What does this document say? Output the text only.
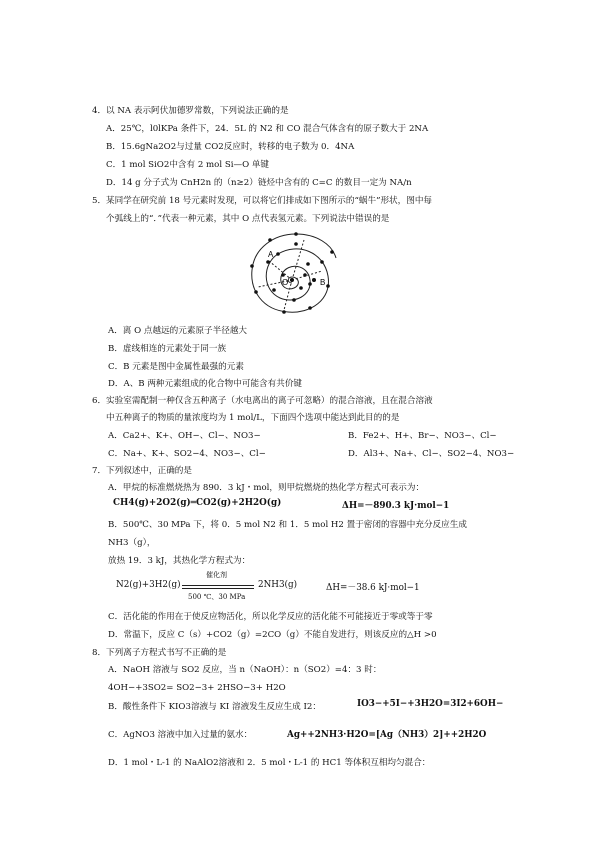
4．以 NA 表示阿伏加德罗常数，下列说法正确的是
A．25℃，l0lKPa 条件下，24．5L 的 N2 和 CO 混合气体含有的原子数大于 2NA
B．15.6gNa2O2与过量 CO2反应时，转移的电子数为 0．4NA
C．1 mol SiO2中含有 2 mol Si—O 单键
D．14 g 分子式为 CnH2n 的（n≥2）链烃中含有的 C=C 的数目一定为 NA/n
5．某同学在研究前 18 号元素时发现，可以将它们排成如下图所示的“蜗牛”形状，图中每
个弧线上的“．”代表一种元素，其中 O 点代表氢元素。下列说法中错误的是
A
O	B
A．离 O 点越远的元素原子半径越大
B．虚线相连的元素处于同一族
C．B 元素是图中金属性最强的元素
D．A、B 两种元素组成的化合物中可能含有共价键
6．实验室需配制一种仅含五种离子（水电离出的离子可忽略）的混合溶液，且在混合溶液
中五种离子的物质的量浓度均为 1 mol/L，下面四个选项中能达到此目的的是
A．Ca2+、K+、OH−、Cl−、NO3−	B．Fe2+、H+、Br−、NO3−、Cl−
C．Na+、K+、SO2−4、NO3−、Cl−	D．Al3+、Na+、Cl−、SO2−4、NO3−
7．下列叙述中，正确的是
A．甲烷的标准燃烧热为 890．3 kJ・mol，则甲烷燃烧的热化学方程式可表示为：
CH4(g)+2O2(g)═CO2(g)+2H2O(g)	ΔH=－890.3 kJ·mol−1
B．500℃、30 MPa 下，将 0．5 mol N2 和 1．5 mol H2 置于密闭的容器中充分反应生成
NH3（g），
放热 19．3 kJ，其热化学方程式为：
N2(g)+3H2(g)
催化剂
500 ℃、30 MPa
2NH3(g)	ΔH=－38.6 kJ·mol−1
C．活化能的作用在于使反应物活化，所以化学反应的活化能不可能接近于零或等于零
D．常温下，反应 C（s）+CO2（g）=2CO（g）不能自发进行，则该反应的△H >0
8．下列离子方程式书写不正确的是
A．NaOH 溶液与 SO2 反应，当 n（NaOH）：n（SO2）=4：3 时：
4OH−+3SO2= SO2−3+ 2HSO−3+ H2O
B．酸性条件下 KIO3溶液与 KI 溶液发生反应生成 I2：	IO3−+5I−+3H2O=3I2+6OH−
C．AgNO3 溶液中加入过量的氨水：	Ag++2NH3·H2O=[Ag（NH3）2]++2H2O
D．1 mol・L-1 的 NaAlO2溶液和 2．5 mol・L-1 的 HC1 等体积互相均匀混合：
